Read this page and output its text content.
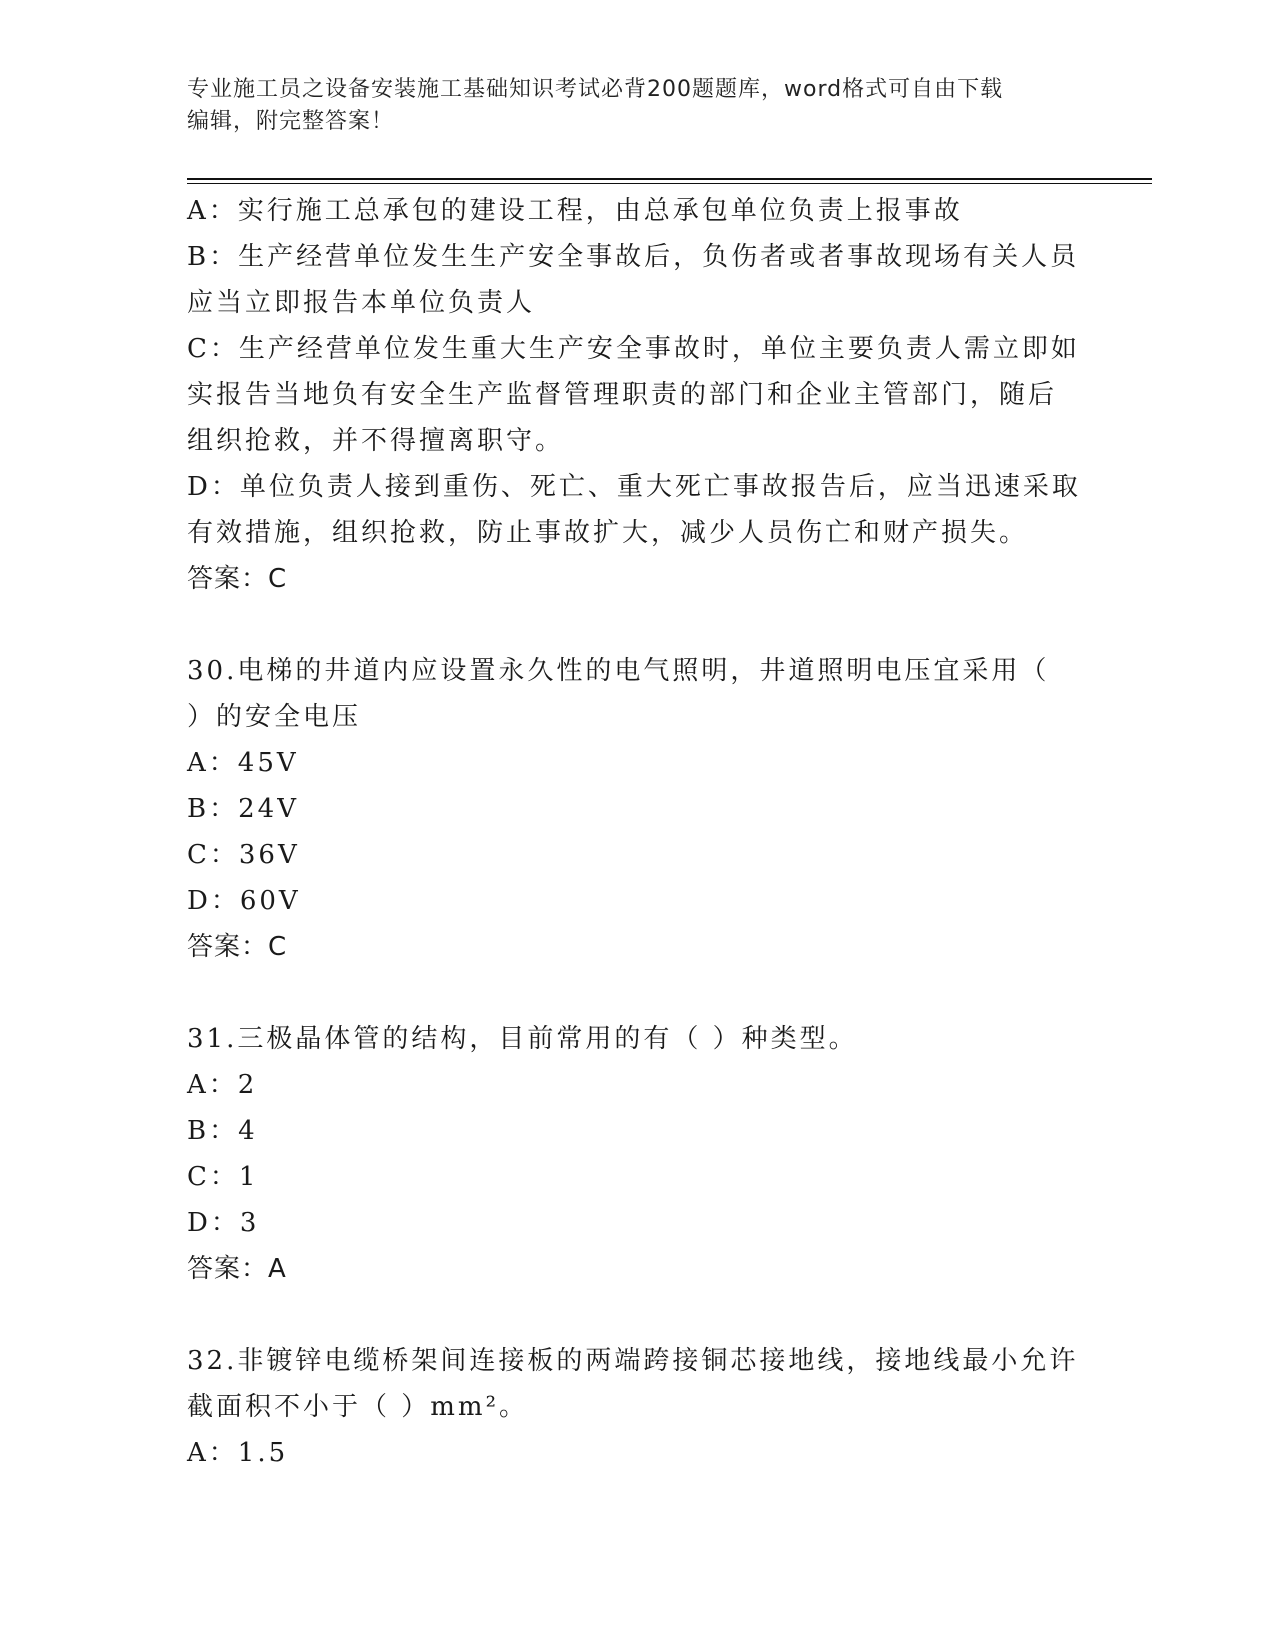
专业施工员之设备安装施工基础知识考试必背200题题库，word格式可自由下载
编辑，附完整答案！
A：实行施工总承包的建设工程，由总承包单位负责上报事故
B：生产经营单位发生生产安全事故后，负伤者或者事故现场有关人员
应当立即报告本单位负责人
C：生产经营单位发生重大生产安全事故时，单位主要负责人需立即如
实报告当地负有安全生产监督管理职责的部门和企业主管部门，随后
组织抢救，并不得擅离职守。
D：单位负责人接到重伤、死亡、重大死亡事故报告后，应当迅速采取
有效措施，组织抢救，防止事故扩大，减少人员伤亡和财产损失。
答案：C
30.电梯的井道内应设置永久性的电气照明，井道照明电压宜采用（
）的安全电压
A：45V
B：24V
C：36V
D：60V
答案：C
31.三极晶体管的结构，目前常用的有（ ）种类型。
A：2
B：4
C：1
D：3
答案：A
32.非镀锌电缆桥架间连接板的两端跨接铜芯接地线，接地线最小允许
截面积不小于（ ）mm²。
A：1.5
